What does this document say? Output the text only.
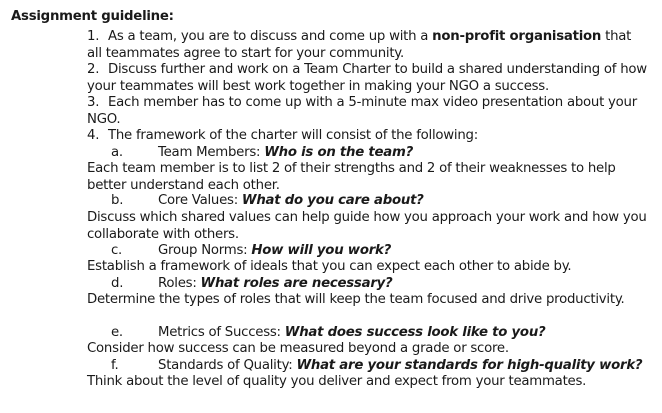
Assignment guideline:
1. As a team, you are to discuss and come up with a non-profit organisation that all teammates agree to start for your community.
2. Discuss further and work on a Team Charter to build a shared understanding of how your teammates will best work together in making your NGO a success.
3. Each member has to come up with a 5-minute max video presentation about your NGO.
4. The framework of the charter will consist of the following:
a.	Team Members: Who is on the team?
Each team member is to list 2 of their strengths and 2 of their weaknesses to help better understand each other.
b.	Core Values: What do you care about?
Discuss which shared values can help guide how you approach your work and how you collaborate with others.
c.	Group Norms: How will you work?
Establish a framework of ideals that you can expect each other to abide by.
d.	Roles: What roles are necessary?
Determine the types of roles that will keep the team focused and drive productivity.
e.	Metrics of Success: What does success look like to you?
Consider how success can be measured beyond a grade or score.
f.	Standards of Quality: What are your standards for high-quality work?
Think about the level of quality you deliver and expect from your teammates.
